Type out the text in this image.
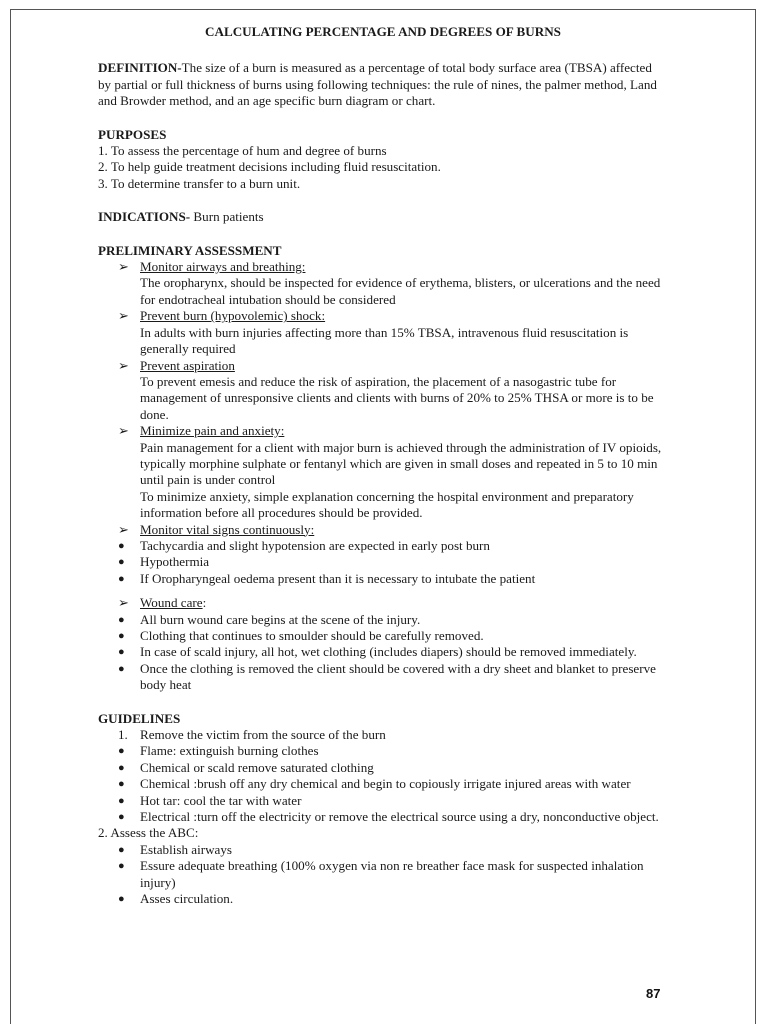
CALCULATING PERCENTAGE AND DEGREES OF BURNS

DEFINITION-The size of a burn is measured as a percentage of total body surface area (TBSA) affected by partial or full thickness of burns using following techniques: the rule of nines, the palmer method, Land and Browder method, and an age specific burn diagram or chart.

PURPOSES

1. To assess the percentage of hum and degree of burns

2. To help guide treatment decisions including fluid resuscitation.

3. To determine transfer to a burn unit.

INDICATIONS- Burn patients

PRELIMINARY ASSESSMENT

➢ Monitor airways and breathing:

The oropharynx, should be inspected for evidence of erythema, blisters, or ulcerations and the need for endotracheal intubation should be considered

➢ Prevent burn (hypovolemic) shock:

In adults with burn injuries affecting more than 15% TBSA, intravenous fluid resuscitation is generally required

➢ Prevent aspiration

To prevent emesis and reduce the risk of aspiration, the placement of a nasogastric tube for management of unresponsive clients and clients with burns of 20% to 25% THSA or more is to be done.

➢ Minimize pain and anxiety:

Pain management for a client with major burn is achieved through the administration of IV opioids, typically morphine sulphate or fentanyl which are given in small doses and repeated in 5 to 10 min until pain is under control

To minimize anxiety, simple explanation concerning the hospital environment and preparatory information before all procedures should be provided.

➢ Monitor vital signs continuously:
● Tachycardia and slight hypotension are expected in early post burn
● Hypothermia
● If Oropharyngeal oedema present than it is necessary to intubate the patient
➢ Wound care:
● All burn wound care begins at the scene of the injury.
● Clothing that continues to smoulder should be carefully removed.
● In case of scald injury, all hot, wet clothing (includes diapers) should be removed immediately.
● Once the clothing is removed the client should be covered with a dry sheet and blanket to preserve body heat

GUIDELINES

1. Remove the victim from the source of the burn
● Flame: extinguish burning clothes
● Chemical or scald remove saturated clothing
● Chemical :brush off any dry chemical and begin to copiously irrigate injured areas with water
● Hot tar: cool the tar with water
● Electrical :turn off the electricity or remove the electrical source using a dry, nonconductive object.

2. Assess the ABC:

● Establish airways
● Essure adequate breathing (100% oxygen via non re breather face mask for suspected inhalation injury)
● Asses circulation.
87
